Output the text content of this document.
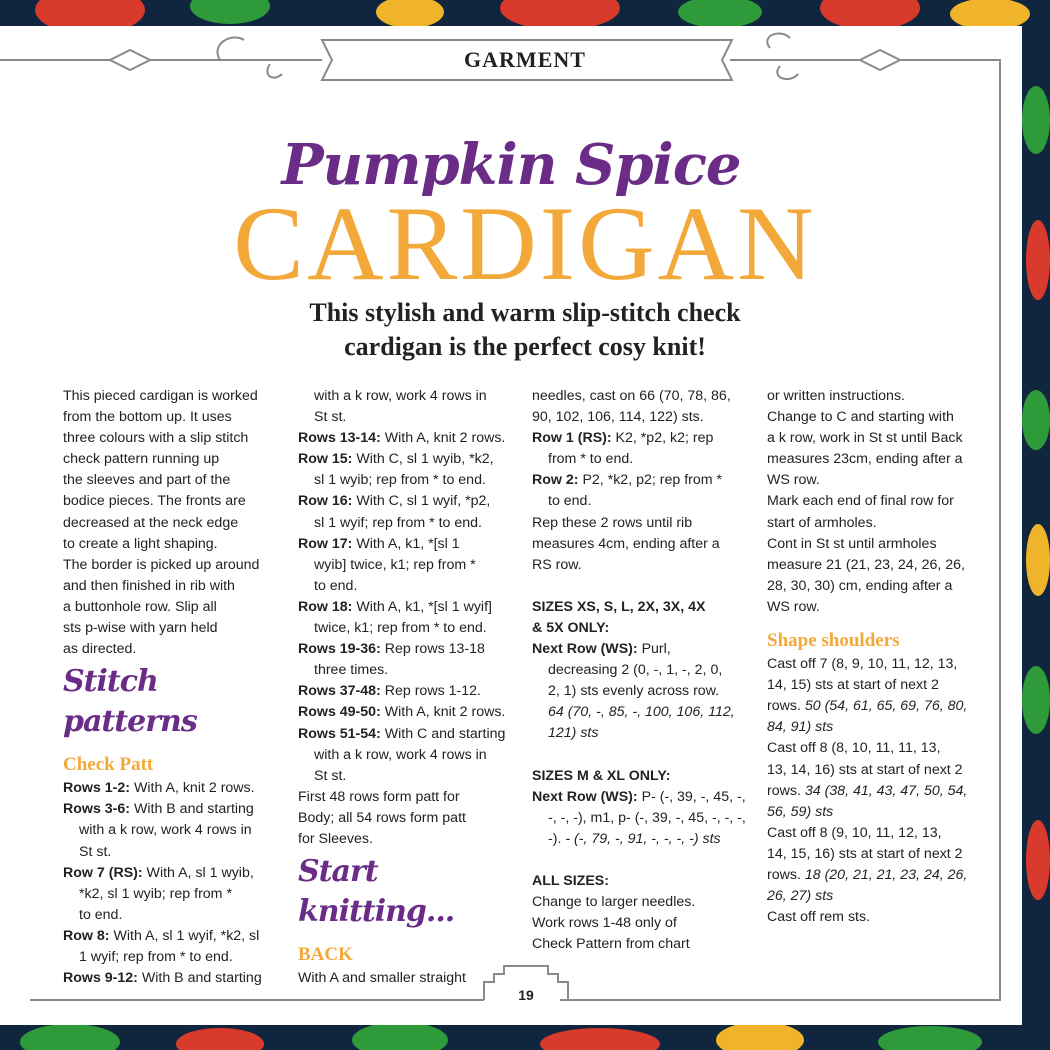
GARMENT
Pumpkin Spice
CARDIGAN
This stylish and warm slip-stitch check
cardigan is the perfect cosy knit!

This pieced cardigan is worked

from the bottom up. It uses

three colours with a slip stitch

check pattern running up

the sleeves and part of the

bodice pieces. The fronts are

decreased at the neck edge

to create a light shaping.

The border is picked up around

and then finished in rib with

a buttonhole row. Slip all

sts p-wise with yarn held

as directed.

Stitch patterns
Check Patt

Rows 1-2: With A, knit 2 rows.

Rows 3-6: With B and starting

with a k row, work 4 rows in

St st.

Row 7 (RS): With A, sl 1 wyib,

*k2, sl 1 wyib; rep from *

to end.

Row 8: With A, sl 1 wyif, *k2, sl

1 wyif; rep from * to end.

Rows 9-12: With B and starting

with a k row, work 4 rows in

St st.

Rows 13-14: With A, knit 2 rows.

Row 15: With C, sl 1 wyib, *k2,

sl 1 wyib; rep from * to end.

Row 16: With C, sl 1 wyif, *p2,

sl 1 wyif; rep from * to end.

Row 17: With A, k1, *[sl 1

wyib] twice, k1; rep from *

to end.

Row 18: With A, k1, *[sl 1 wyif]

twice, k1; rep from * to end.

Rows 19-36: Rep rows 13-18

three times.

Rows 37-48: Rep rows 1-12.

Rows 49-50: With A, knit 2 rows.

Rows 51-54: With C and starting

with a k row, work 4 rows in

St st.

First 48 rows form patt for

Body; all 54 rows form patt

for Sleeves.

Start knitting...
BACK

With A and smaller straight

needles, cast on 66 (70, 78, 86,

90, 102, 106, 114, 122) sts.

Row 1 (RS): K2, *p2, k2; rep

from * to end.

Row 2: P2, *k2, p2; rep from *

to end.

Rep these 2 rows until rib

measures 4cm, ending after a

RS row.

SIZES XS, S, L, 2X, 3X, 4X

& 5X ONLY:

Next Row (WS): Purl,

decreasing 2 (0, -, 1, -, 2, 0,

2, 1) sts evenly across row.

64 (70, -, 85, -, 100, 106, 112,

121) sts

SIZES M & XL ONLY:

Next Row (WS): P- (-, 39, -, 45, -,

-, -, -), m1, p- (-, 39, -, 45, -, -, -,

-). - (-, 79, -, 91, -, -, -, -) sts

ALL SIZES:

Change to larger needles.

Work rows 1-48 only of

Check Pattern from chart

or written instructions.

Change to C and starting with

a k row, work in St st until Back

measures 23cm, ending after a

WS row.

Mark each end of final row for

start of armholes.

Cont in St st until armholes

measure 21 (21, 23, 24, 26, 26,

28, 30, 30) cm, ending after a

WS row.

Shape shoulders

Cast off 7 (8, 9, 10, 11, 12, 13,

14, 15) sts at start of next 2

rows. 50 (54, 61, 65, 69, 76, 80,

84, 91) sts

Cast off 8 (8, 10, 11, 11, 13,

13, 14, 16) sts at start of next 2

rows. 34 (38, 41, 43, 47, 50, 54,

56, 59) sts

Cast off 8 (9, 10, 11, 12, 13,

14, 15, 16) sts at start of next 2

rows. 18 (20, 21, 21, 23, 24, 26,

26, 27) sts

Cast off rem sts.

19
